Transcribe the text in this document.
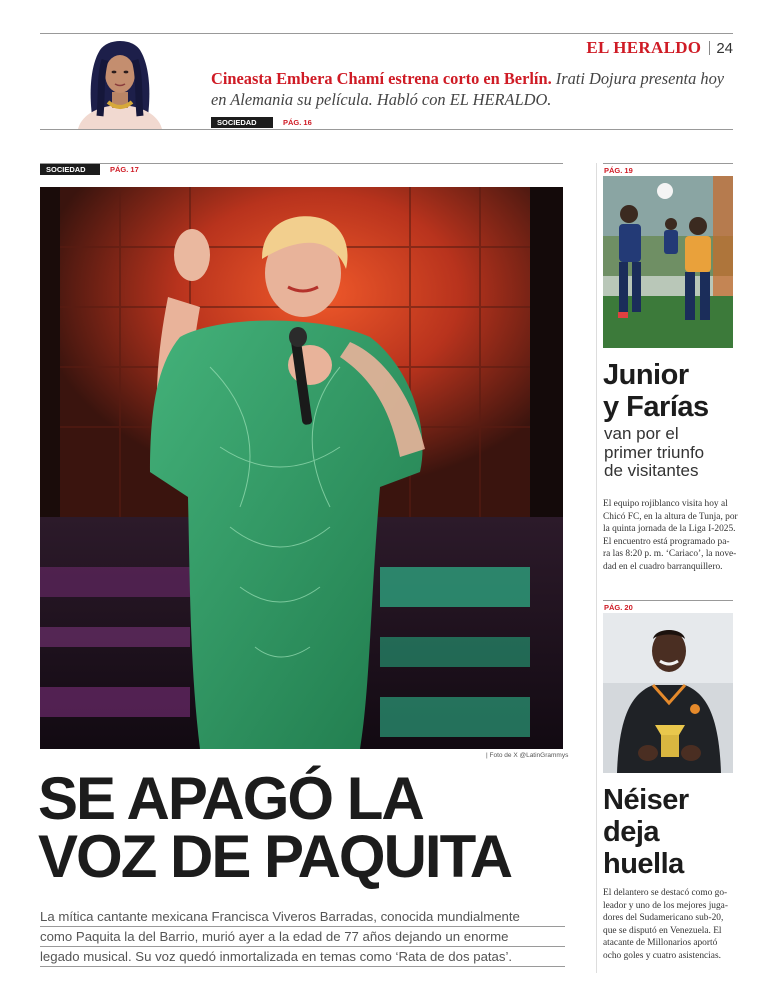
EL HERALDO 24
Cineasta Embera Chamí estrena corto en Berlín. Irati Dojura presenta hoy en Alemania su película. Habló con EL HERALDO.
SOCIEDAD	PÁG. 16
SOCIEDAD	PÁG. 17
| Foto de X @LatinGrammys
SE APAGÓ LA
VOZ DE PAQUITA
La mítica cantante mexicana Francisca Viveros Barradas, conocida mundialmente
como Paquita la del Barrio, murió ayer a la edad de 77 años dejando un enorme
legado musical. Su voz quedó inmortalizada en temas como ‘Rata de dos patas’.
PÁG. 19
Junior
y Farías
van por el
primer triunfo
de visitantes
El equipo rojiblanco visita hoy al
Chicó FC, en la altura de Tunja, por
la quinta jornada de la Liga I-2025.
El encuentro está programado pa-
ra las 8:20 p. m. ‘Cariaco’, la nove-
dad en el cuadro barranquillero.
PÁG. 20
Néiser
deja
huella
El delantero se destacó como go-
leador y uno de los mejores juga-
dores del Sudamericano sub-20,
que se disputó en Venezuela. El
atacante de Millonarios aportó
ocho goles y cuatro asistencias.
